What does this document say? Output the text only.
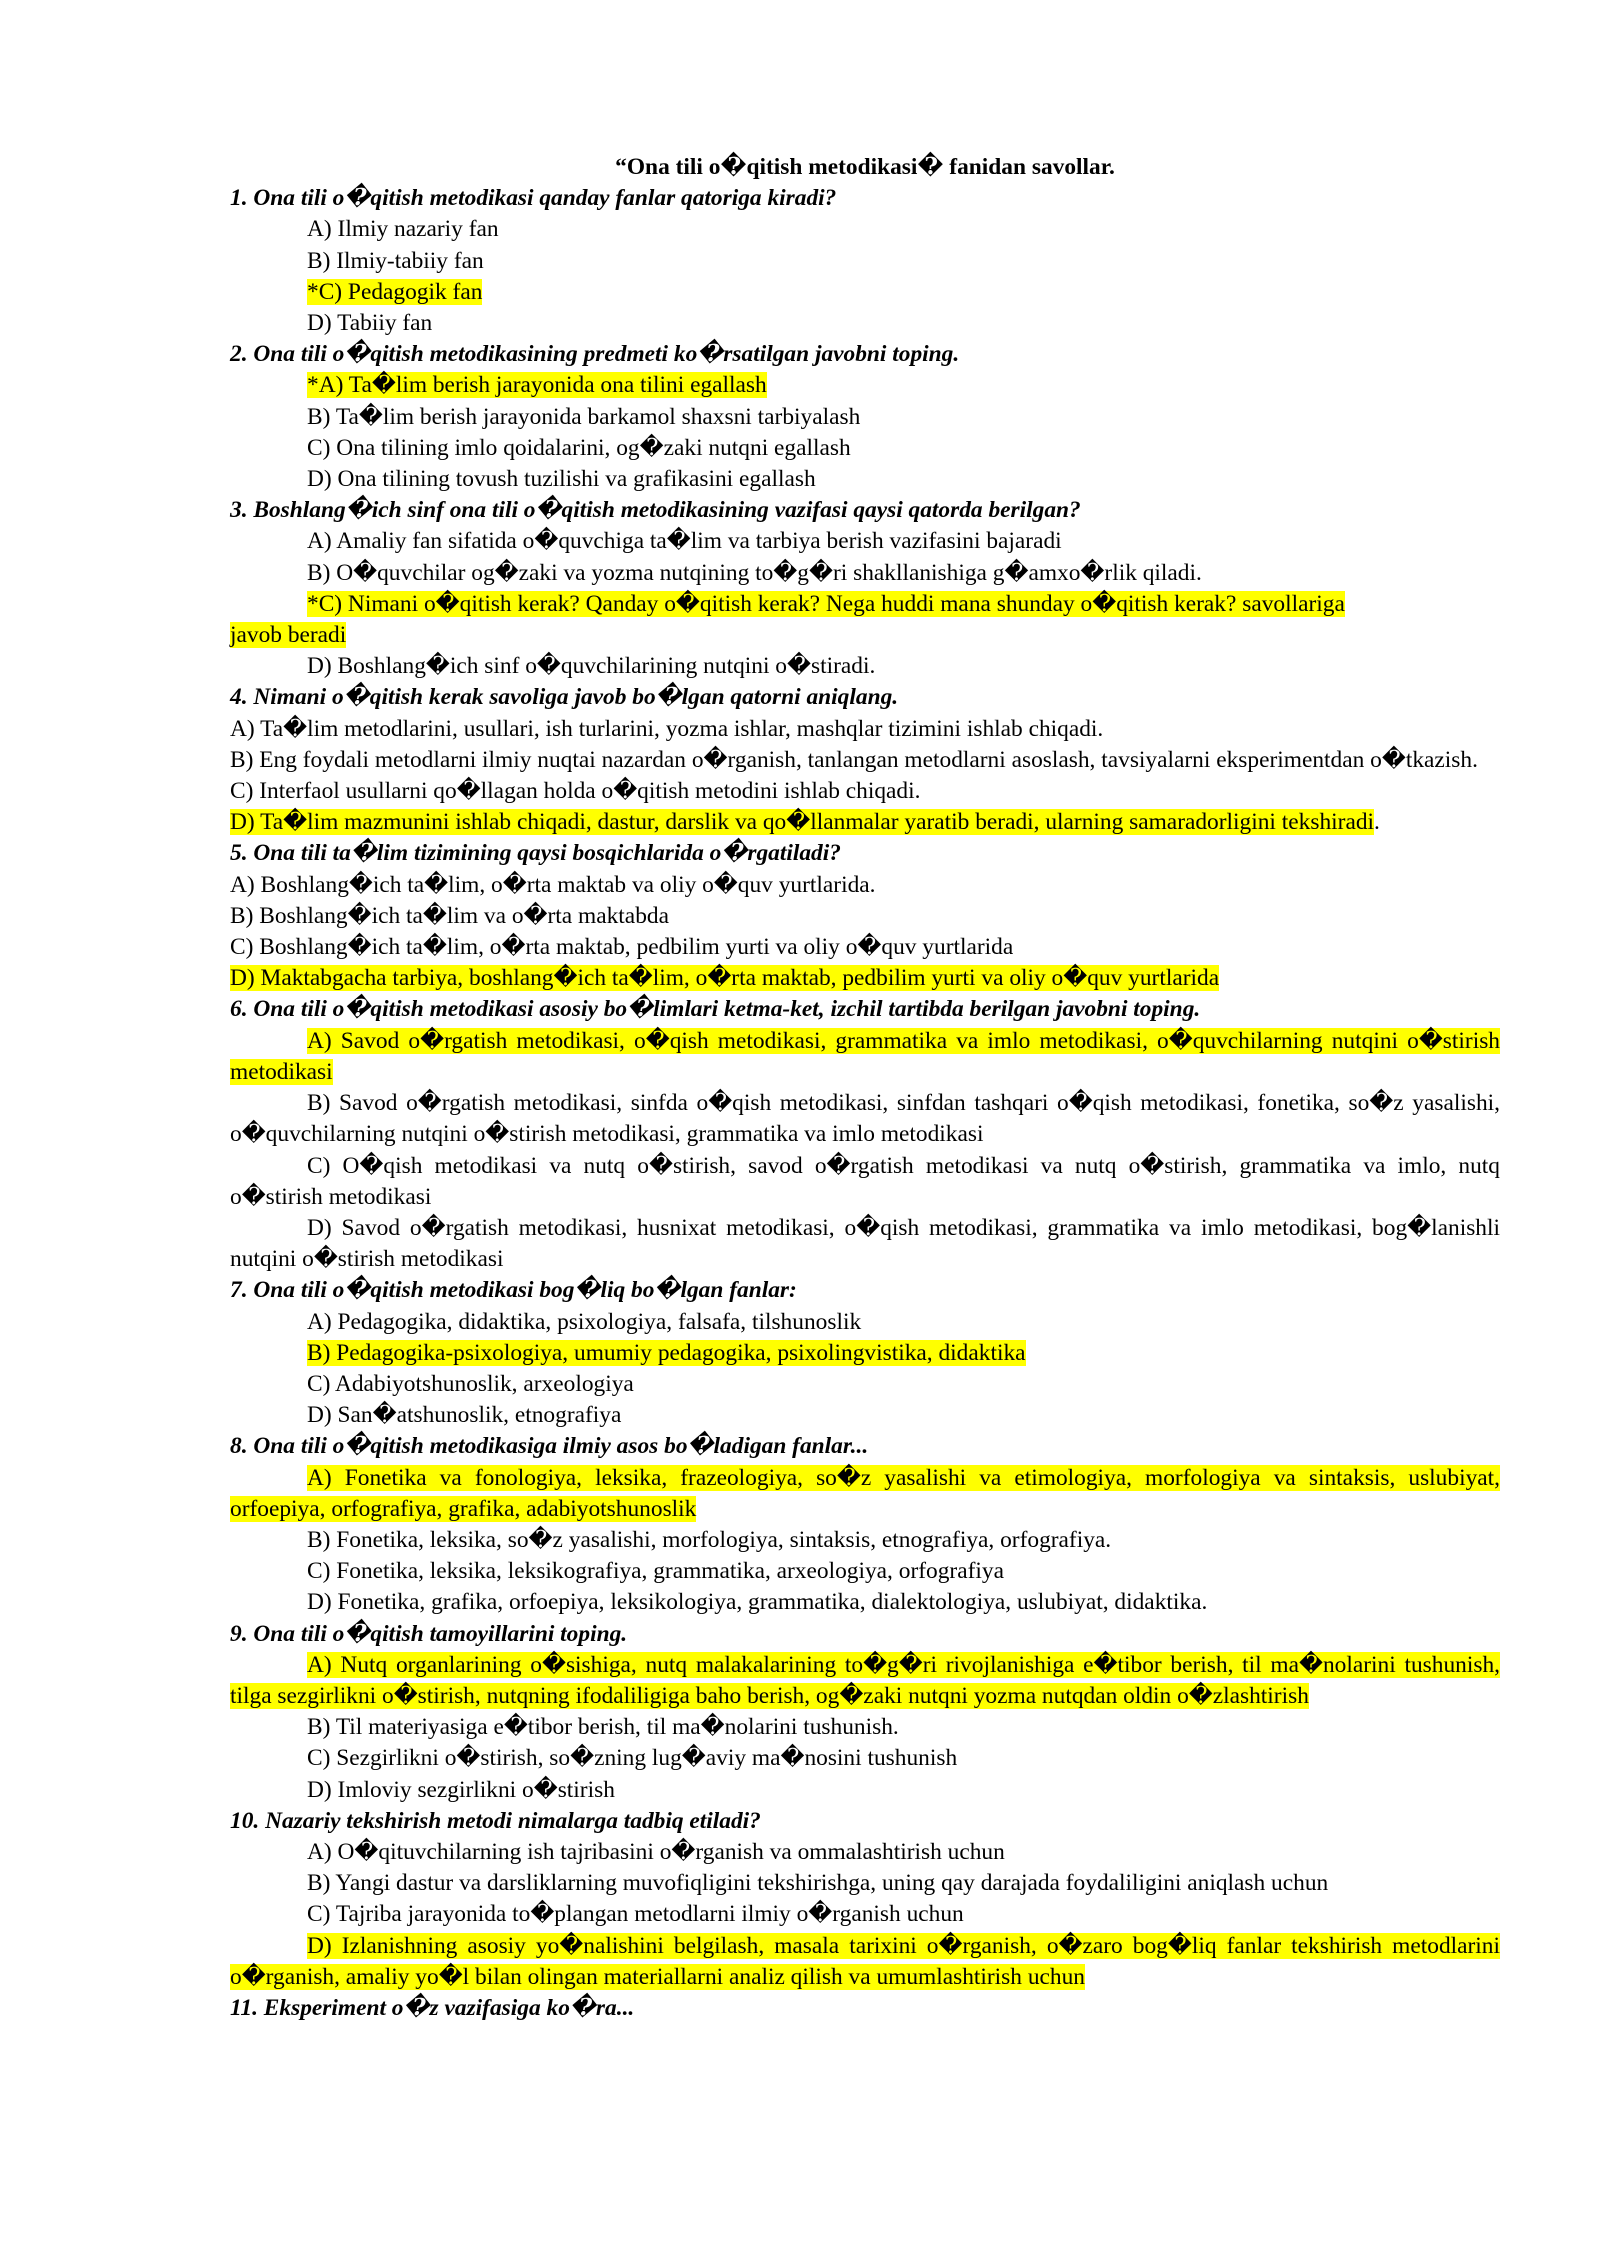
“Ona tili o�qitish metodikasi� fanidan savollar.
1. Ona tili o�qitish metodikasi qanday fanlar qatoriga kiradi?
A) Ilmiy nazariy fan
B) Ilmiy-tabiiy fan
*C) Pedagogik fan
D) Tabiiy fan
2. Ona tili o�qitish metodikasining predmeti ko�rsatilgan javobni toping.
*A) Ta�lim berish jarayonida ona tilini egallash
B) Ta�lim berish jarayonida barkamol shaxsni tarbiyalash
C) Ona tilining imlo qoidalarini, og�zaki nutqni egallash
D) Ona tilining tovush tuzilishi va grafikasini egallash
3. Boshlang�ich sinf ona tili o�qitish metodikasining vazifasi qaysi qatorda berilgan?
A) Amaliy fan sifatida o�quvchiga ta�lim va tarbiya berish vazifasini bajaradi
B) O�quvchilar og�zaki va yozma nutqining to�g�ri shakllanishiga g�amxo�rlik qiladi.
*C) Nimani o�qitish kerak? Qanday o�qitish kerak? Nega huddi mana shunday o�qitish kerak? savollariga
javob beradi
D) Boshlang�ich sinf o�quvchilarining nutqini o�stiradi.
4. Nimani o�qitish kerak savoliga javob bo�lgan qatorni aniqlang.
A) Ta�lim metodlarini, usullari, ish turlarini, yozma ishlar, mashqlar tizimini ishlab chiqadi.
B) Eng foydali metodlarni ilmiy nuqtai nazardan o�rganish, tanlangan metodlarni asoslash, tavsiyalarni eksperimentdan o�tkazish.
C) Interfaol usullarni qo�llagan holda o�qitish metodini ishlab chiqadi.
D) Ta�lim mazmunini ishlab chiqadi, dastur, darslik va qo�llanmalar yaratib beradi, ularning samaradorligini tekshiradi.
5. Ona tili ta�lim tizimining qaysi bosqichlarida o�rgatiladi?
A) Boshlang�ich ta�lim, o�rta maktab va oliy o�quv yurtlarida.
B) Boshlang�ich ta�lim va o�rta maktabda
C) Boshlang�ich ta�lim, o�rta maktab, pedbilim yurti va oliy o�quv yurtlarida
D) Maktabgacha tarbiya, boshlang�ich ta�lim, o�rta maktab, pedbilim yurti va oliy o�quv yurtlarida
6. Ona tili o�qitish metodikasi asosiy bo�limlari ketma-ket, izchil tartibda berilgan javobni toping.
A) Savod o�rgatish metodikasi, o�qish metodikasi, grammatika va imlo metodikasi, o�quvchilarning nutqini o�stirish metodikasi
B) Savod o�rgatish metodikasi, sinfda o�qish metodikasi, sinfdan tashqari o�qish metodikasi, fonetika, so�z yasalishi, o�quvchilarning nutqini o�stirish metodikasi, grammatika va imlo metodikasi
C) O�qish metodikasi va nutq o�stirish, savod o�rgatish metodikasi va nutq o�stirish, grammatika va imlo, nutq o�stirish metodikasi
D) Savod o�rgatish metodikasi, husnixat metodikasi, o�qish metodikasi, grammatika va imlo metodikasi, bog�lanishli nutqini o�stirish metodikasi
7. Ona tili o�qitish metodikasi bog�liq bo�lgan fanlar:
A) Pedagogika, didaktika, psixologiya, falsafa, tilshunoslik
B) Pedagogika-psixologiya, umumiy pedagogika, psixolingvistika, didaktika
C) Adabiyotshunoslik, arxeologiya
D) San�atshunoslik, etnografiya
8. Ona tili o�qitish metodikasiga ilmiy asos bo�ladigan fanlar...
A) Fonetika va fonologiya, leksika, frazeologiya, so�z yasalishi va etimologiya, morfologiya va sintaksis, uslubiyat, orfoepiya, orfografiya, grafika, adabiyotshunoslik
B) Fonetika, leksika, so�z yasalishi, morfologiya, sintaksis, etnografiya, orfografiya.
C) Fonetika, leksika, leksikografiya, grammatika, arxeologiya, orfografiya
D) Fonetika, grafika, orfoepiya, leksikologiya, grammatika, dialektologiya, uslubiyat, didaktika.
9. Ona tili o�qitish tamoyillarini toping.
A) Nutq organlarining o�sishiga, nutq malakalarining to�g�ri rivojlanishiga e�tibor berish, til ma�nolarini tushunish, tilga sezgirlikni o�stirish, nutqning ifodaliligiga baho berish, og�zaki nutqni yozma nutqdan oldin o�zlashtirish
B) Til materiyasiga e�tibor berish, til ma�nolarini tushunish.
C) Sezgirlikni o�stirish, so�zning lug�aviy ma�nosini tushunish
D) Imloviy sezgirlikni o�stirish
10. Nazariy tekshirish metodi nimalarga tadbiq etiladi?
A) O�qituvchilarning ish tajribasini o�rganish va ommalashtirish uchun
B) Yangi dastur va darsliklarning muvofiqligini tekshirishga, uning qay darajada foydaliligini aniqlash uchun
C) Tajriba jarayonida to�plangan metodlarni ilmiy o�rganish uchun
D) Izlanishning asosiy yo�nalishini belgilash, masala tarixini o�rganish, o�zaro bog�liq fanlar tekshirish metodlarini o�rganish, amaliy yo�l bilan olingan materiallarni analiz qilish va umumlashtirish uchun
11. Eksperiment o�z vazifasiga ko�ra...
